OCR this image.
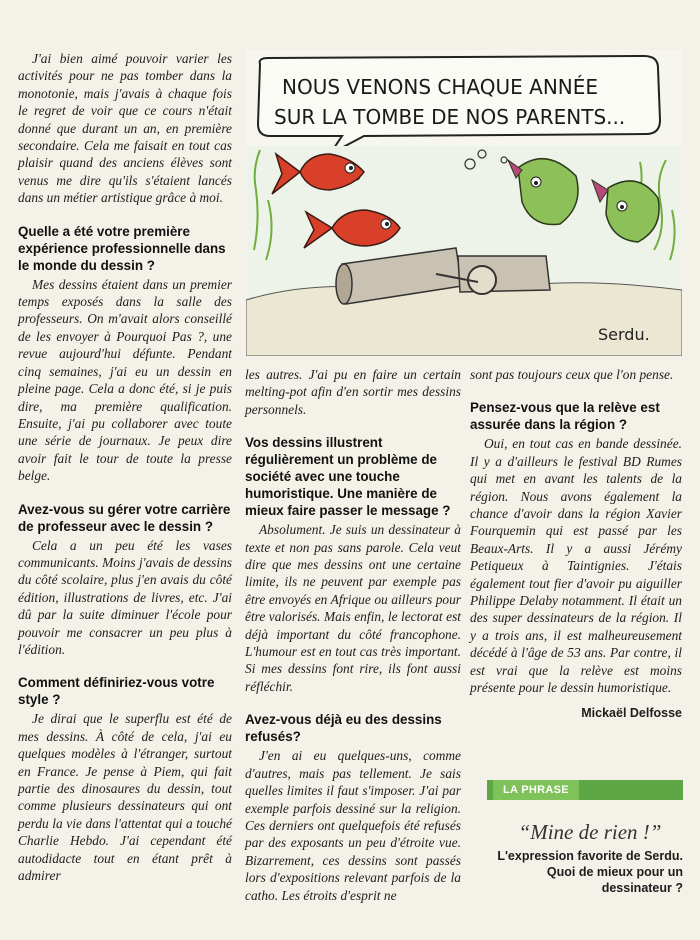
J'ai bien aimé pouvoir varier les activités pour ne pas tomber dans la monotonie, mais j'avais à chaque fois le regret de voir que ce cours n'était donné que durant un an, en première secondaire. Cela me faisait en tout cas plaisir quand des anciens élèves sont venus me dire qu'ils s'étaient lancés dans un métier artistique grâce à moi.

Quelle a été votre première expérience professionnelle dans le monde du dessin ?

Mes dessins étaient dans un premier temps exposés dans la salle des professeurs. On m'avait alors conseillé de les envoyer à Pourquoi Pas ?, une revue aujourd'hui défunte. Pendant cinq semaines, j'ai eu un dessin en pleine page. Cela a donc été, si je puis dire, ma première qualification. Ensuite, j'ai pu collaborer avec toute une série de journaux. Je peux dire avoir fait le tour de toute la presse belge.

Avez-vous su gérer votre carrière de professeur avec le dessin ?

Cela a un peu été les vases communicants. Moins j'avais de dessins du côté scolaire, plus j'en avais du côté édition, illustrations de livres, etc. J'ai dû par la suite diminuer l'école pour pouvoir me consacrer un peu plus à l'édition.

Comment définiriez-vous votre style ?

Je dirai que le superflu est été de mes dessins. À côté de cela, j'ai eu quelques modèles à l'étranger, surtout en France. Je pense à Piem, qui fait partie des dinosaures du dessin, tout comme plusieurs dessinateurs qui ont perdu la vie dans l'attentat qui a touché Charlie Hebdo. J'ai cependant été autodidacte tout en étant prêt à admirer

NOUS VENONS CHAQUE ANNÉE
SUR LA TOMBE DE NOS PARENTS...
Serdu.

les autres. J'ai pu en faire un certain melting-pot afin d'en sortir mes dessins personnels.

Vos dessins illustrent régulièrement un problème de société avec une touche humoristique. Une manière de mieux faire passer le message ?

Absolument. Je suis un dessinateur à texte et non pas sans parole. Cela veut dire que mes dessins ont une certaine limite, ils ne peuvent par exemple pas être envoyés en Afrique ou ailleurs pour être valorisés. Mais enfin, le lectorat est déjà important du côté francophone. L'humour est en tout cas très important. Si mes dessins font rire, ils font aussi réfléchir.

Avez-vous déjà eu des dessins refusés?

J'en ai eu quelques-uns, comme d'autres, mais pas tellement. Je sais quelles limites il faut s'imposer. J'ai par exemple parfois dessiné sur la religion. Ces derniers ont quelquefois été refusés par des exposants un peu d'étroite vue. Bizarrement, ces dessins sont passés lors d'expositions relevant parfois de la catho. Les étroits d'esprit ne

sont pas toujours ceux que l'on pense.

Pensez-vous que la relève est assurée dans la région ?

Oui, en tout cas en bande dessinée. Il y a d'ailleurs le festival BD Rumes qui met en avant les talents de la région. Nous avons également la chance d'avoir dans la région Xavier Fourquemin qui est passé par les Beaux-Arts. Il y a aussi Jérémy Petiqueux à Taintignies. J'étais également tout fier d'avoir pu aiguiller Philippe Delaby notamment. Il était un des super dessinateurs de la région. Il y a trois ans, il est malheureusement décédé à l'âge de 53 ans. Par contre, il est vrai que la relève est moins présente pour le dessin humoristique.

Mickaël Delfosse
LA PHRASE
“Mine de rien !”
L'expression favorite de Serdu. Quoi de mieux pour un dessinateur ?
